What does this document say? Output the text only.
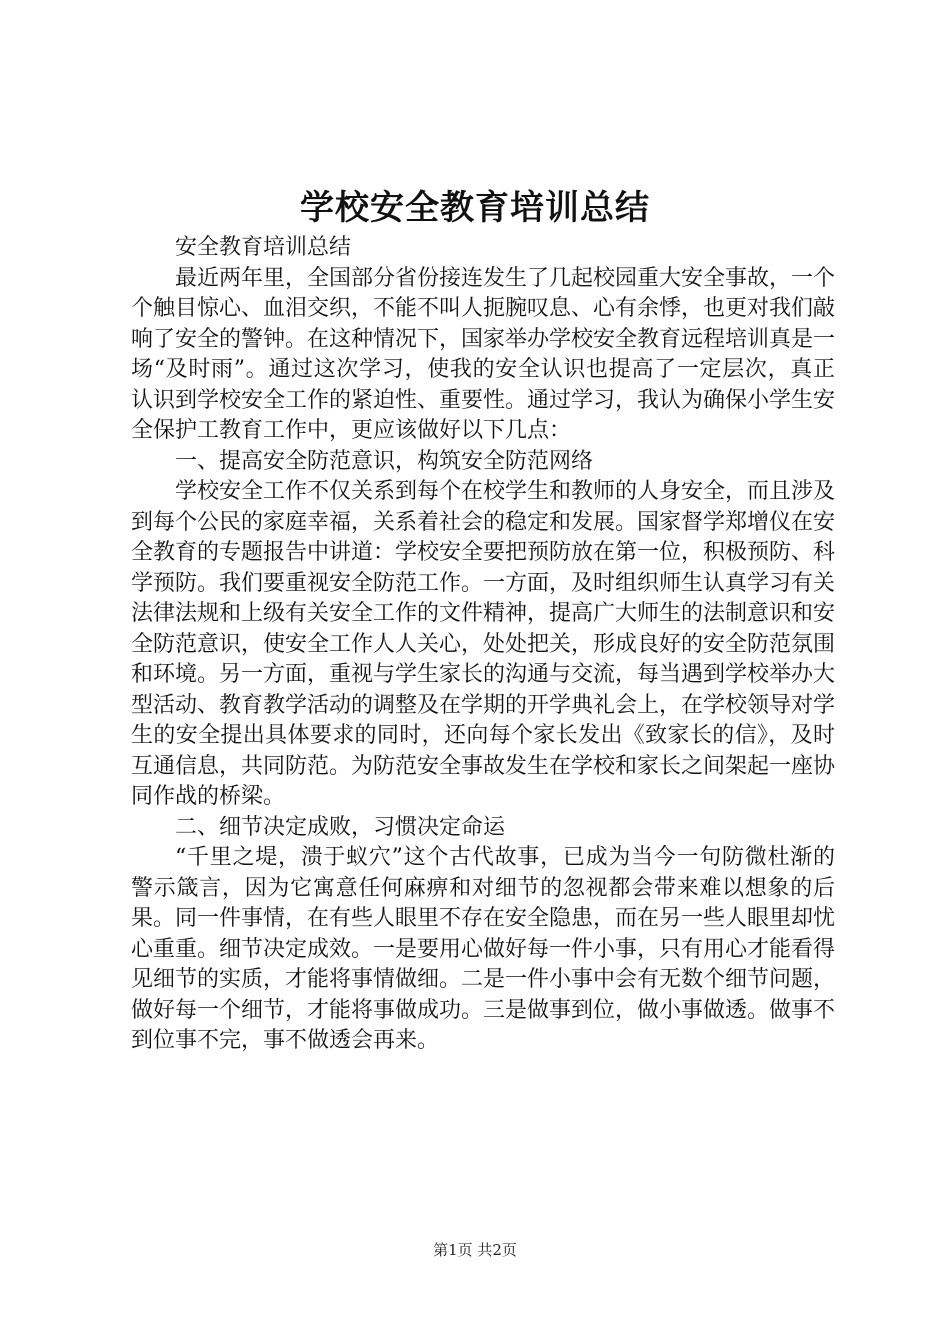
学校安全教育培训总结

安全教育培训总结

最近两年里，全国部分省份接连发生了几起校园重大安全事故，一个个触目惊心、血泪交织，不能不叫人扼腕叹息、心有余悸，也更对我们敲响了安全的警钟。在这种情况下，国家举办学校安全教育远程培训真是一场“及时雨”。通过这次学习，使我的安全认识也提高了一定层次，真正认识到学校安全工作的紧迫性、重要性。通过学习，我认为确保小学生安全保护工教育工作中，更应该做好以下几点：

一、提高安全防范意识，构筑安全防范网络

学校安全工作不仅关系到每个在校学生和教师的人身安全，而且涉及到每个公民的家庭幸福，关系着社会的稳定和发展。国家督学郑增仪在安全教育的专题报告中讲道：学校安全要把预防放在第一位，积极预防、科学预防。我们要重视安全防范工作。一方面，及时组织师生认真学习有关法律法规和上级有关安全工作的文件精神，提高广大师生的法制意识和安全防范意识，使安全工作人人关心，处处把关，形成良好的安全防范氛围和环境。另一方面，重视与学生家长的沟通与交流，每当遇到学校举办大型活动、教育教学活动的调整及在学期的开学典礼会上，在学校领导对学生的安全提出具体要求的同时，还向每个家长发出《致家长的信》，及时互通信息，共同防范。为防范安全事故发生在学校和家长之间架起一座协同作战的桥梁。

二、细节决定成败，习惯决定命运

“千里之堤，溃于蚁穴”这个古代故事，已成为当今一句防微杜渐的警示箴言，因为它寓意任何麻痹和对细节的忽视都会带来难以想象的后果。同一件事情，在有些人眼里不存在安全隐患，而在另一些人眼里却忧心重重。细节决定成效。一是要用心做好每一件小事，只有用心才能看得见细节的实质，才能将事情做细。二是一件小事中会有无数个细节问题，做好每一个细节，才能将事做成功。三是做事到位，做小事做透。做事不到位事不完，事不做透会再来。

第1页 共2页
